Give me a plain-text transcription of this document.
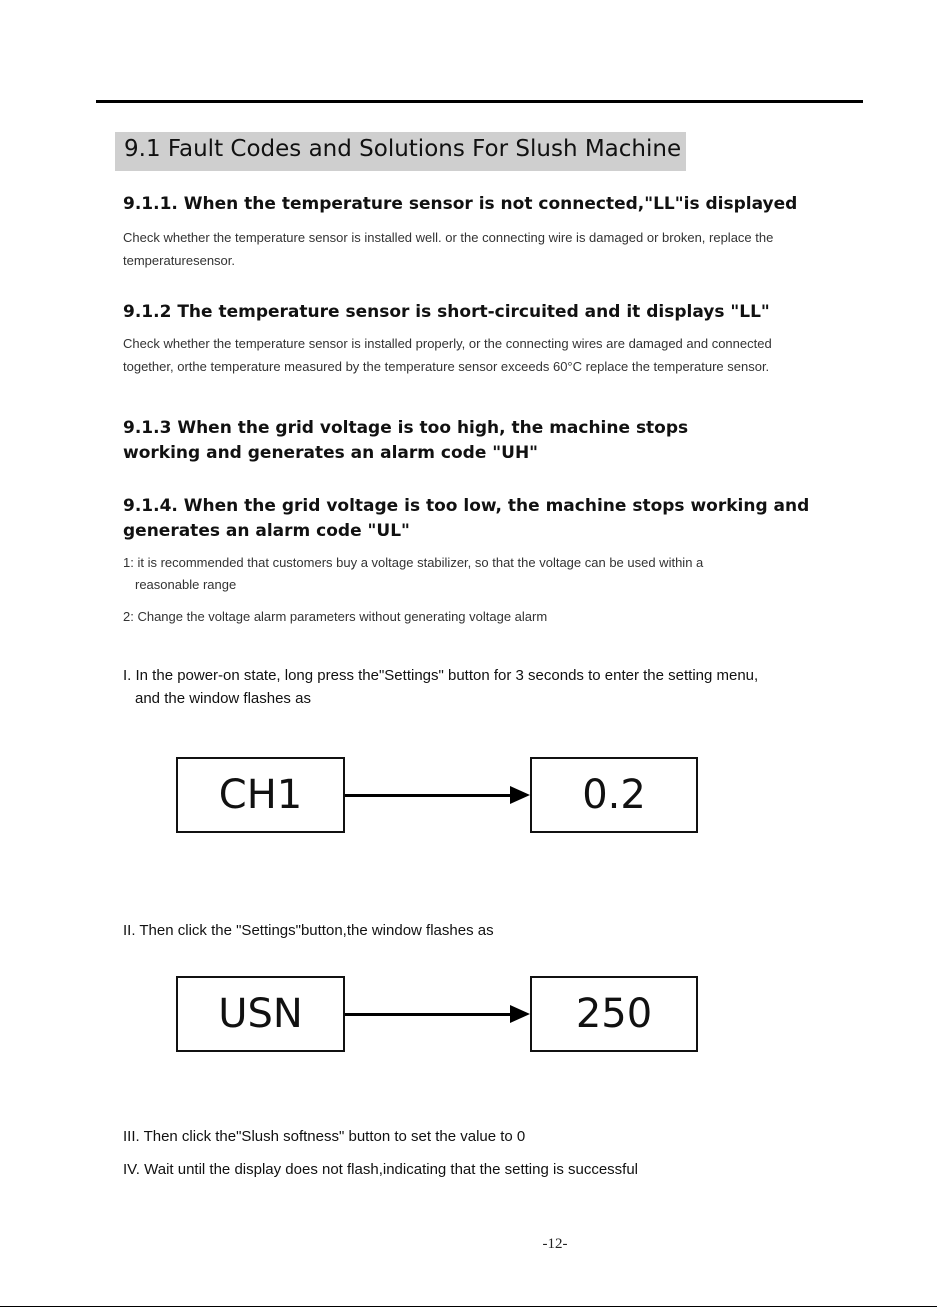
9.1 Fault Codes and Solutions For Slush Machine
9.1.1. When the temperature sensor is not connected,"LL"is displayed
Check whether the temperature sensor is installed well. or the connecting wire is damaged or broken, replace the temperaturesensor.
9.1.2 The temperature sensor is short-circuited and it displays "LL"
Check whether the temperature sensor is installed properly, or the connecting wires are damaged and connected together, orthe temperature measured by the temperature sensor exceeds 60°C replace the temperature sensor.
9.1.3 When the grid voltage is too high, the machine stops working and generates an alarm code "UH"
9.1.4. When the grid voltage is too low, the machine stops working and generates an alarm code "UL"
1: it is recommended that customers buy a voltage stabilizer, so that the voltage can be used within a
reasonable range
2: Change the voltage alarm parameters without generating voltage alarm
I. In the power-on state, long press the"Settings" button for 3 seconds to enter the setting menu,
and the window flashes as
CH1	0.2
II. Then click the "Settings"button,the window flashes as
USN	250
III. Then click the"Slush softness" button to set the value to 0
IV. Wait until the display does not flash,indicating that the setting is successful
-12-
